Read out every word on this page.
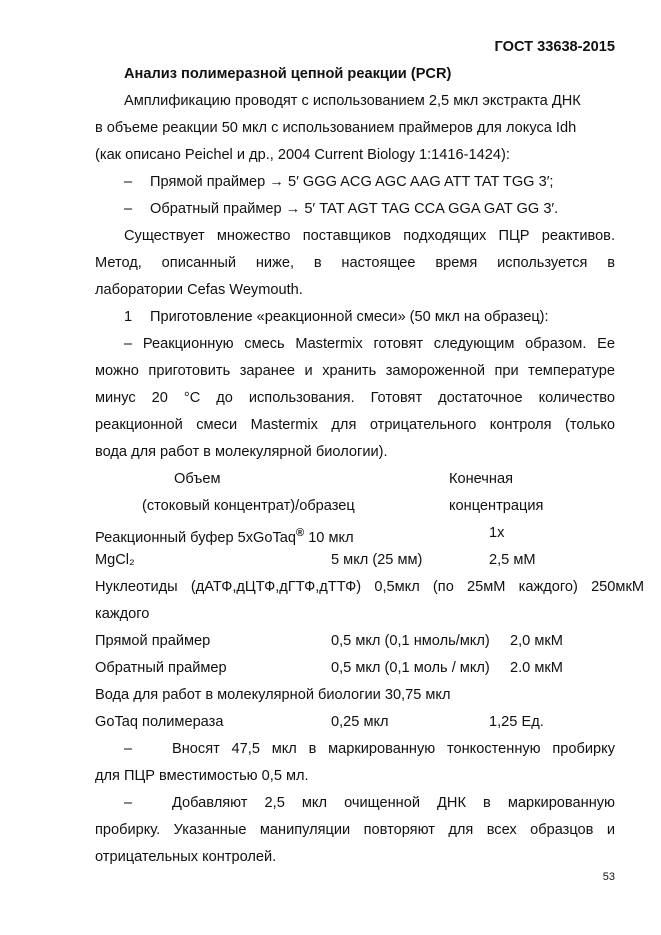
ГОСТ 33638-2015
Анализ полимеразной цепной реакции (PCR)
Амплификацию проводят с использованием 2,5 мкл экстракта ДНК
в объеме реакции 50 мкл с использованием праймеров для локуса Idh
(как описано Peichel и др., 2004 Current Biology 1:1416-1424):
– Прямой праймер → 5′ GGG ACG AGC AAG ATT TAT TGG 3′;
– Обратный праймер → 5′ TAT AGT TAG CCA GGA GAT GG 3′.
Существует множество поставщиков подходящих ПЦР реактивов.
Метод, описанный ниже, в настоящее время используется в
лаборатории Cefas Weymouth.
1 Приготовление «реакционной смеси» (50 мкл на образец):
– Реакционную смесь Mastermix готовят следующим образом. Ее
можно приготовить заранее и хранить замороженной при температуре
минус 20 °С до использования. Готовят достаточное количество
реакционной смеси Mastermix для отрицательного контроля (только
вода для работ в молекулярной биологии).
Объем	Конечная
(стоковый концентрат)/образец	концентрация
Реакционный буфер 5xGoTaq® 10 мкл	1x
MgCl₂	5 мкл (25 мм)	2,5 мМ
Нуклеотиды (дАТФ,дЦТФ,дГТФ,дТТФ) 0,5мкл (по 25мМ каждого) 250мкМ
каждого
Прямой праймер	0,5 мкл (0,1 нмоль/мкл) 2,0 мкМ
Обратный праймер	0,5 мкл (0,1 моль / мкл) 2.0 мкМ
Вода для работ в молекулярной биологии 30,75 мкл
GoTaq полимераза	0,25 мкл	1,25 Ед.
–	Вносят 47,5 мкл в маркированную тонкостенную пробирку
для ПЦР вместимостью 0,5 мл.
–	Добавляют 2,5 мкл очищенной ДНК в маркированную
пробирку. Указанные манипуляции повторяют для всех образцов и
отрицательных контролей.
53
